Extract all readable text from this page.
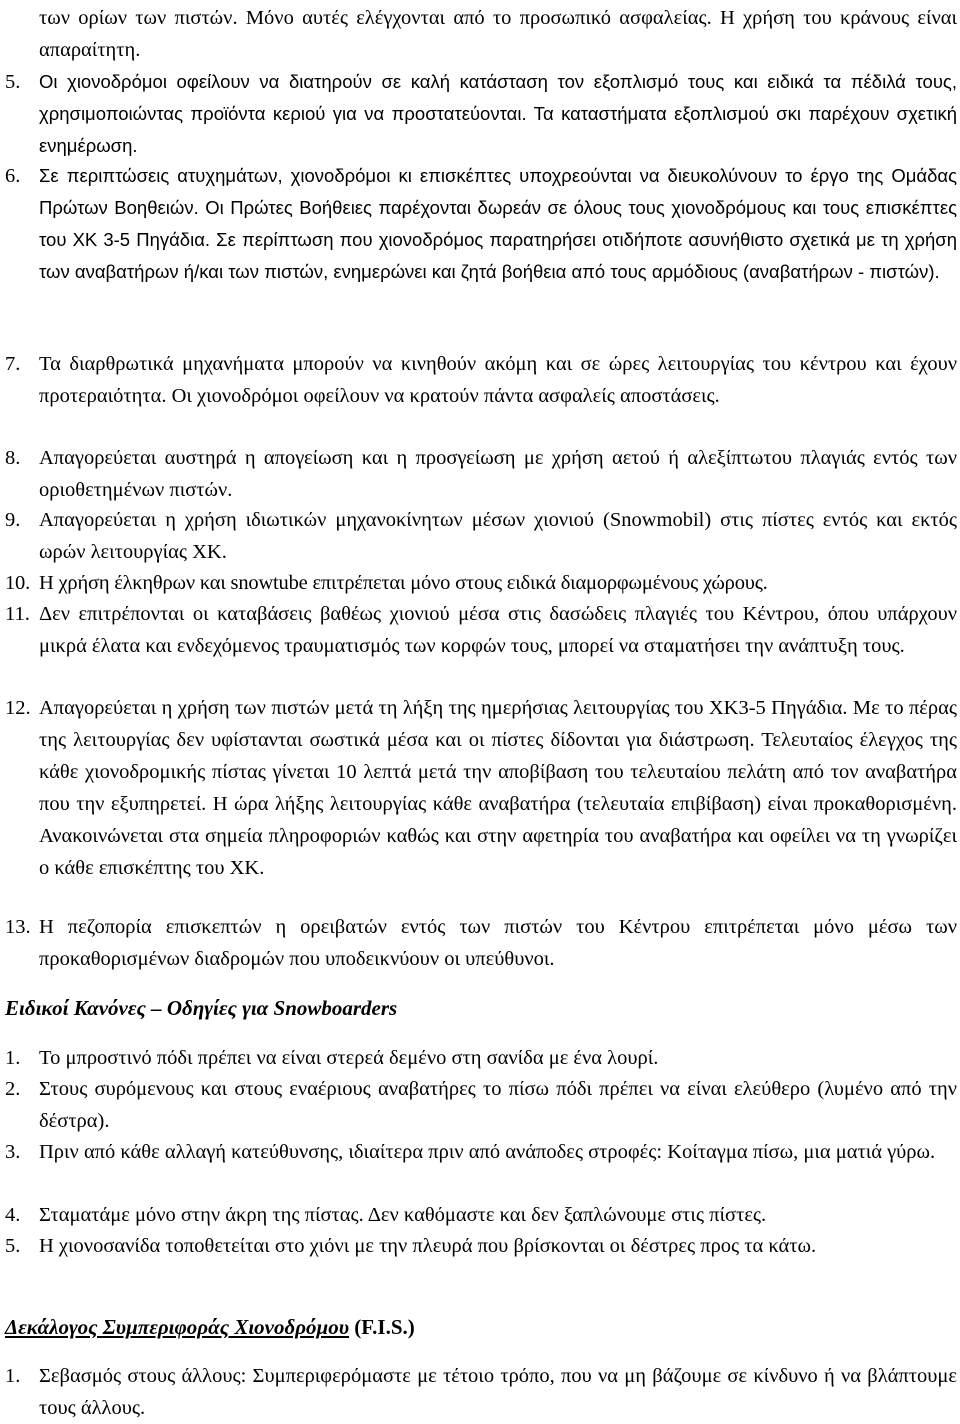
των ορίων των πιστών. Μόνο αυτές ελέγχονται από το προσωπικό ασφαλείας. Η χρήση του κράνους είναι απαραίτητη.

5. Οι χιονοδρόμοι οφείλουν να διατηρούν σε καλή κατάσταση τον εξοπλισμό τους και ειδικά τα πέδιλά τους, χρησιμοποιώντας προϊόντα κεριού για να προστατεύονται. Τα καταστήματα εξοπλισμού σκι παρέχουν σχετική ενημέρωση.

6. Σε περιπτώσεις ατυχημάτων, χιονοδρόμοι κι επισκέπτες υποχρεούνται να διευκολύνουν το έργο της Ομάδας Πρώτων Βοηθειών. Οι Πρώτες Βοήθειες παρέχονται δωρεάν σε όλους τους χιονοδρόμους και τους επισκέπτες του ΧΚ 3-5 Πηγάδια. Σε περίπτωση που χιονοδρόμος παρατηρήσει οτιδήποτε ασυνήθιστο σχετικά με τη χρήση των αναβατήρων ή/και των πιστών, ενημερώνει και ζητά βοήθεια από τους αρμόδιους (αναβατήρων - πιστών).

7. Τα διαρθρωτικά μηχανήματα μπορούν να κινηθούν ακόμη και σε ώρες λειτουργίας του κέντρου και έχουν προτεραιότητα. Οι χιονοδρόμοι οφείλουν να κρατούν πάντα ασφαλείς αποστάσεις.

8. Απαγορεύεται αυστηρά η απογείωση και η προσγείωση με χρήση αετού ή αλεξίπτωτου πλαγιάς εντός των οριοθετημένων πιστών.

9. Απαγορεύεται η χρήση ιδιωτικών μηχανοκίνητων μέσων χιονιού (Snowmobil) στις πίστες εντός και εκτός ωρών λειτουργίας ΧΚ.

10. Η χρήση έλκηθρων και snowtube επιτρέπεται μόνο στους ειδικά διαμορφωμένους χώρους.

11. Δεν επιτρέπονται οι καταβάσεις βαθέως χιονιού μέσα στις δασώδεις πλαγιές του Κέντρου, όπου υπάρχουν μικρά έλατα και ενδεχόμενος τραυματισμός των κορφών τους, μπορεί να σταματήσει την ανάπτυξη τους.

12. Απαγορεύεται η χρήση των πιστών μετά τη λήξη της ημερήσιας λειτουργίας του ΧΚ3-5 Πηγάδια. Με το πέρας της λειτουργίας δεν υφίστανται σωστικά μέσα και οι πίστες δίδονται για διάστρωση. Τελευταίος έλεγχος της κάθε χιονοδρομικής πίστας γίνεται 10 λεπτά μετά την αποβίβαση του τελευταίου πελάτη από τον αναβατήρα που την εξυπηρετεί. Η ώρα λήξης λειτουργίας κάθε αναβατήρα (τελευταία επιβίβαση) είναι προκαθορισμένη. Ανακοινώνεται στα σημεία πληροφοριών καθώς και στην αφετηρία του αναβατήρα και οφείλει να τη γνωρίζει ο κάθε επισκέπτης του ΧΚ.

13. Η πεζοπορία επισκεπτών η ορειβατών εντός των πιστών του Κέντρου επιτρέπεται μόνο μέσω των προκαθορισμένων διαδρομών που υποδεικνύουν οι υπεύθυνοι.

Ειδικοί Κανόνες – Οδηγίες για Snowboarders

1. Το μπροστινό πόδι πρέπει να είναι στερεά δεμένο στη σανίδα με ένα λουρί.

2. Στους συρόμενους και στους εναέριους αναβατήρες το πίσω πόδι πρέπει να είναι ελεύθερο (λυμένο από την δέστρα).

3. Πριν από κάθε αλλαγή κατεύθυνσης, ιδιαίτερα πριν από ανάποδες στροφές: Κοίταγμα πίσω, μια ματιά γύρω.

4. Σταματάμε μόνο στην άκρη της πίστας. Δεν καθόμαστε και δεν ξαπλώνουμε στις πίστες.

5. Η χιονοσανίδα τοποθετείται στο χιόνι με την πλευρά που βρίσκονται οι δέστρες προς τα κάτω.

Δεκάλογος Συμπεριφοράς Χιονοδρόμου (F.I.S.)

1. Σεβασμός στους άλλους: Συμπεριφερόμαστε με τέτοιο τρόπο, που να μη βάζουμε σε κίνδυνο ή να βλάπτουμε τους άλλους.
